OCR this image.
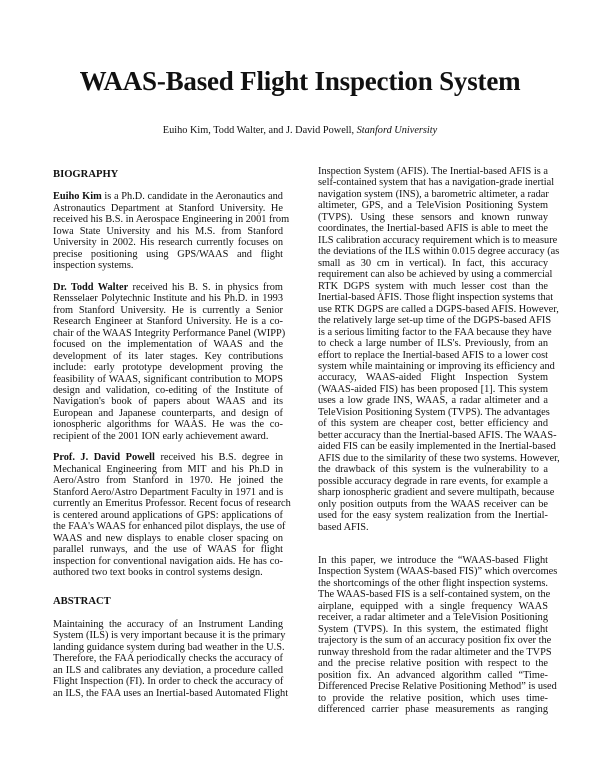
WAAS-Based Flight Inspection System
Euiho Kim, Todd Walter, and J. David Powell, Stanford University
BIOGRAPHY
Euiho Kim is a Ph.D. candidate in the Aeronautics and
Astronautics Department at Stanford University. He
received his B.S. in Aerospace Engineering in 2001 from
Iowa State University and his M.S. from Stanford
University in 2002. His research currently focuses on
precise positioning using GPS/WAAS and flight
inspection systems.
Dr. Todd Walter received his B. S. in physics from
Rensselaer Polytechnic Institute and his Ph.D. in 1993
from Stanford University. He is currently a Senior
Research Engineer at Stanford University. He is a co-
chair of the WAAS Integrity Performance Panel (WIPP)
focused on the implementation of WAAS and the
development of its later stages. Key contributions
include: early prototype development proving the
feasibility of WAAS, significant contribution to MOPS
design and validation, co-editing of the Institute of
Navigation's book of papers about WAAS and its
European and Japanese counterparts, and design of
ionospheric algorithms for WAAS. He was the co-
recipient of the 2001 ION early achievement award.
Prof. J. David Powell received his B.S. degree in
Mechanical Engineering from MIT and his Ph.D in
Aero/Astro from Stanford in 1970. He joined the
Stanford Aero/Astro Department Faculty in 1971 and is
currently an Emeritus Professor. Recent focus of research
is centered around applications of GPS: applications of
the FAA's WAAS for enhanced pilot displays, the use of
WAAS and new displays to enable closer spacing on
parallel runways, and the use of WAAS for flight
inspection for conventional navigation aids. He has co-
authored two text books in control systems design.
ABSTRACT
Maintaining the accuracy of an Instrument Landing
System (ILS) is very important because it is the primary
landing guidance system during bad weather in the U.S.
Therefore, the FAA periodically checks the accuracy of
an ILS and calibrates any deviation, a procedure called
Flight Inspection (FI). In order to check the accuracy of
an ILS, the FAA uses an Inertial-based Automated Flight
Inspection System (AFIS). The Inertial-based AFIS is a
self-contained system that has a navigation-grade inertial
navigation system (INS), a barometric altimeter, a radar
altimeter, GPS, and a TeleVision Positioning System
(TVPS). Using these sensors and known runway
coordinates, the Inertial-based AFIS is able to meet the
ILS calibration accuracy requirement which is to measure
the deviations of the ILS within 0.015 degree accuracy (as
small as 30 cm in vertical). In fact, this accuracy
requirement can also be achieved by using a commercial
RTK DGPS system with much lesser cost than the
Inertial-based AFIS. Those flight inspection systems that
use RTK DGPS are called a DGPS-based AFIS. However,
the relatively large set-up time of the DGPS-based AFIS
is a serious limiting factor to the FAA because they have
to check a large number of ILS's. Previously, from an
effort to replace the Inertial-based AFIS to a lower cost
system while maintaining or improving its efficiency and
accuracy, WAAS-aided Flight Inspection System
(WAAS-aided FIS) has been proposed [1]. This system
uses a low grade INS, WAAS, a radar altimeter and a
TeleVision Positioning System (TVPS). The advantages
of this system are cheaper cost, better efficiency and
better accuracy than the Inertial-based AFIS. The WAAS-
aided FIS can be easily implemented in the Inertial-based
AFIS due to the similarity of these two systems. However,
the drawback of this system is the vulnerability to a
possible accuracy degrade in rare events, for example a
sharp ionospheric gradient and severe multipath, because
only position outputs from the WAAS receiver can be
used for the easy system realization from the Inertial-
based AFIS.
In this paper, we introduce the “WAAS-based Flight
Inspection System (WAAS-based FIS)” which overcomes
the shortcomings of the other flight inspection systems.
The WAAS-based FIS is a self-contained system, on the
airplane, equipped with a single frequency WAAS
receiver, a radar altimeter and a TeleVision Positioning
System (TVPS). In this system, the estimated flight
trajectory is the sum of an accuracy position fix over the
runway threshold from the radar altimeter and the TVPS
and the precise relative position with respect to the
position fix. An advanced algorithm called “Time-
Differenced Precise Relative Positioning Method” is used
to provide the relative position, which uses time-
differenced carrier phase measurements as ranging
